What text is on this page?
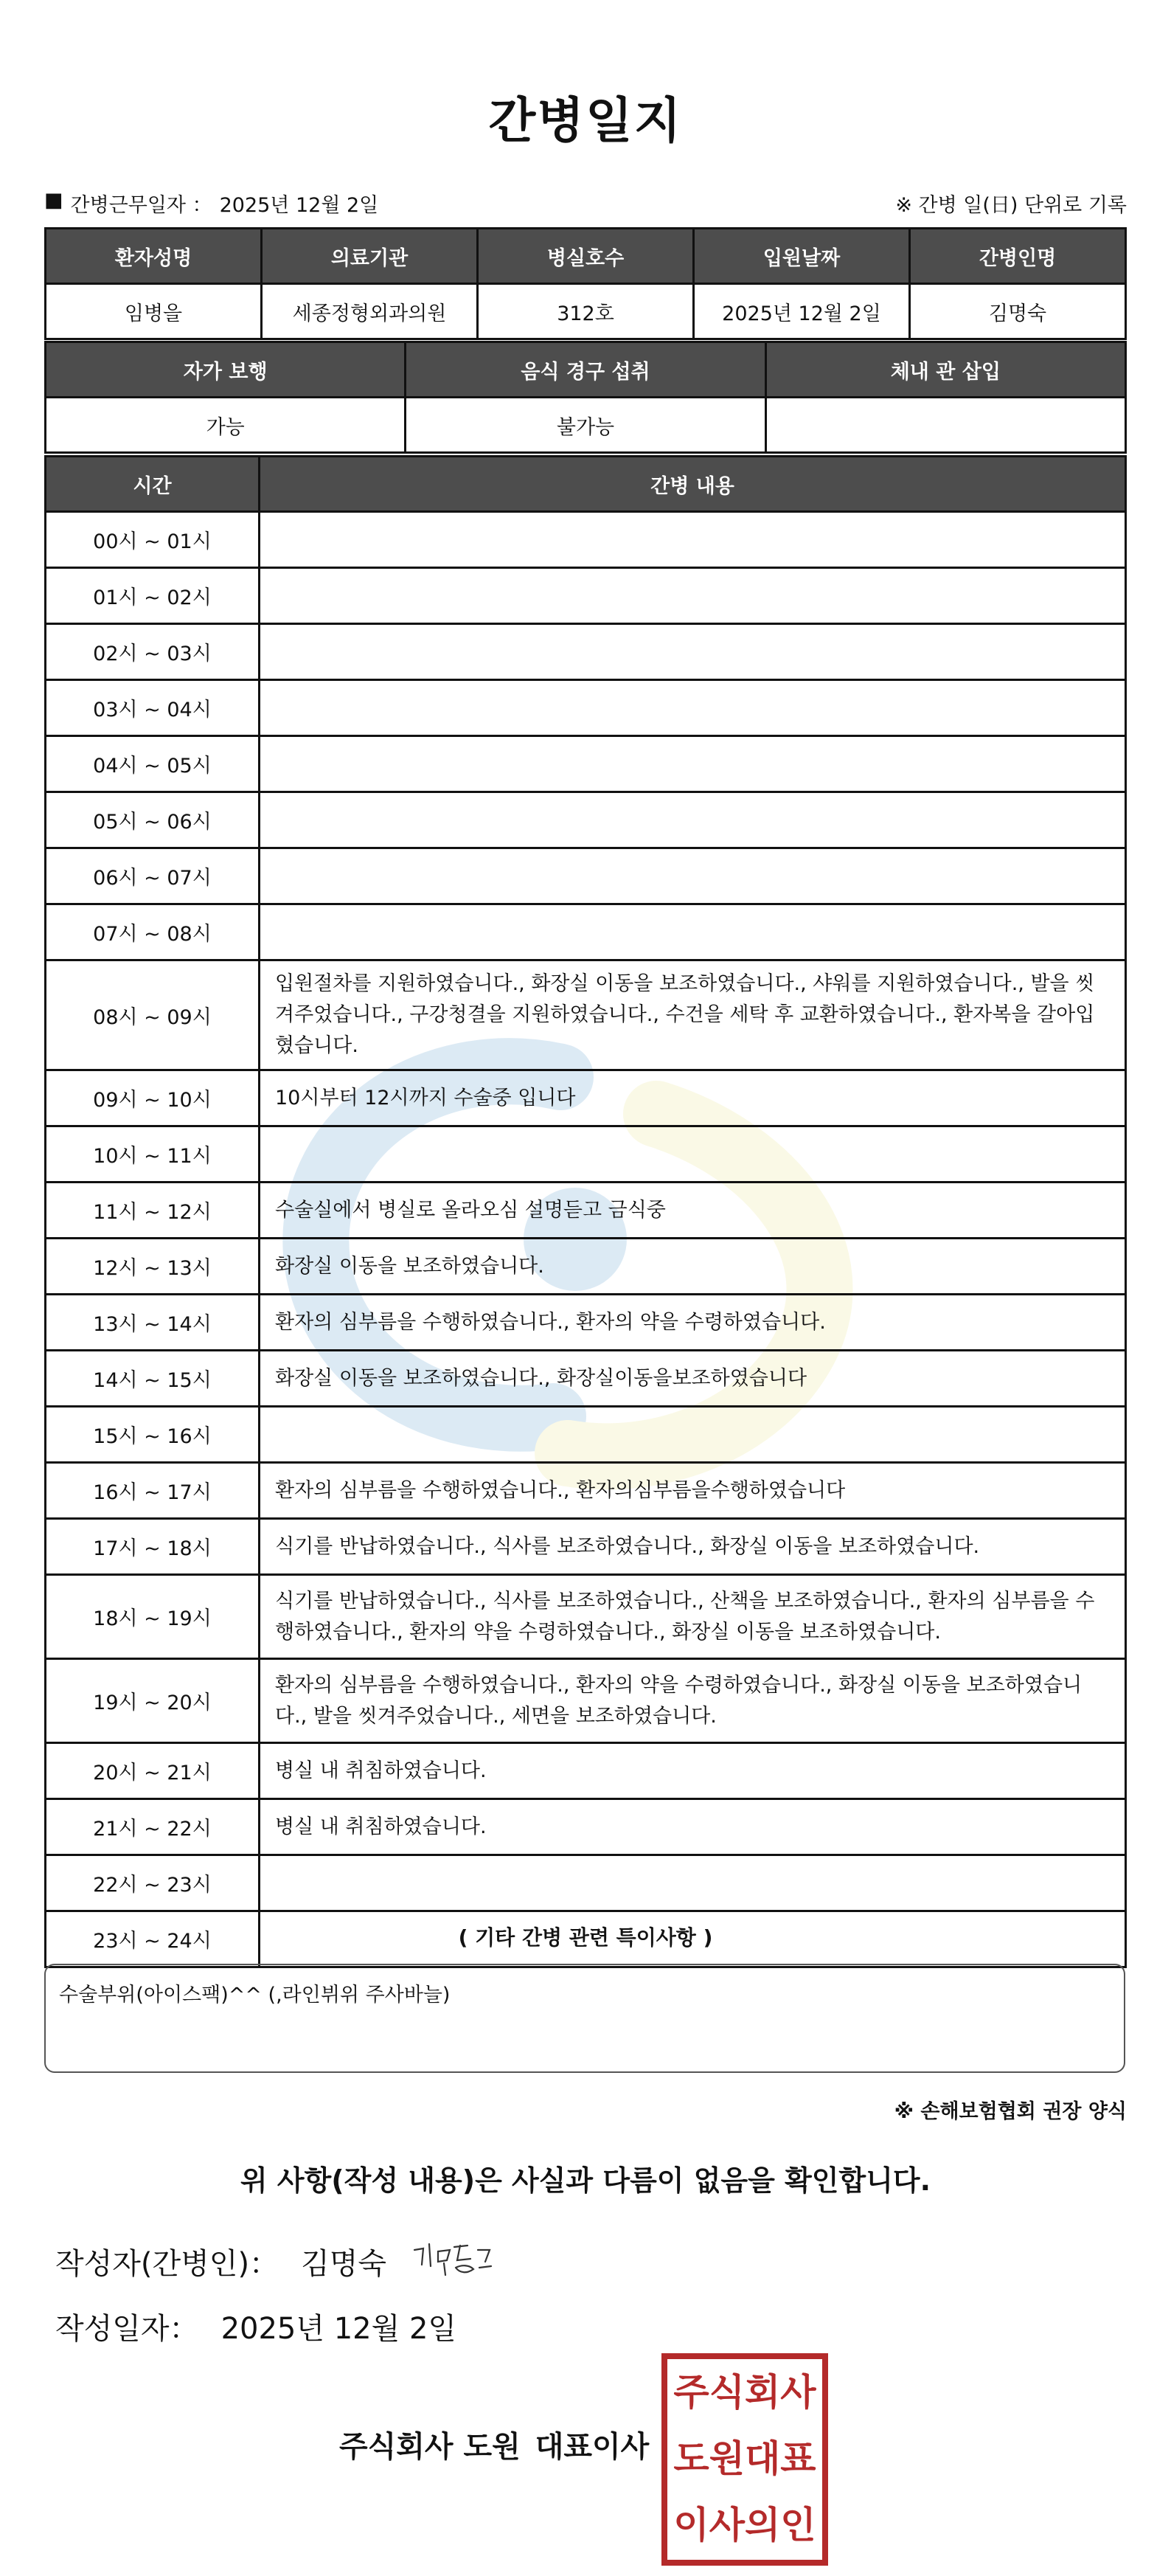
간병일지
■ 간병근무일자 ： 2025년 12월 2일	※ 간병 일(日) 단위로 기록
환자성명	의료기관	병실호수	입원날짜	간병인명
임병을	세종정형외과의원	312호	2025년 12월 2일	김명숙
자가 보행	음식 경구 섭취	체내 관 삽입
가능	불가능	
시간	간병 내용
00시 ~ 01시	
01시 ~ 02시	
02시 ~ 03시	
03시 ~ 04시	
04시 ~ 05시	
05시 ~ 06시	
06시 ~ 07시	
07시 ~ 08시	
08시 ~ 09시	입원절차를 지원하였습니다., 화장실 이동을 보조하였습니다., 샤워를 지원하였습니다., 발을 씻겨주었습니다., 구강청결을 지원하였습니다., 수건을 세탁 후 교환하였습니다., 환자복을 갈아입혔습니다.
09시 ~ 10시	10시부터 12시까지 수술중 입니다
10시 ~ 11시	
11시 ~ 12시	수술실에서 병실로 올라오심 설명듣고 금식중
12시 ~ 13시	화장실 이동을 보조하였습니다.
13시 ~ 14시	환자의 심부름을 수행하였습니다., 환자의 약을 수령하였습니다.
14시 ~ 15시	화장실 이동을 보조하였습니다., 화장실이동을보조하였습니다
15시 ~ 16시	
16시 ~ 17시	환자의 심부름을 수행하였습니다., 환자의심부름을수행하였습니다
17시 ~ 18시	식기를 반납하였습니다., 식사를 보조하였습니다., 화장실 이동을 보조하였습니다.
18시 ~ 19시	식기를 반납하였습니다., 식사를 보조하였습니다., 산책을 보조하였습니다., 환자의 심부름을 수행하였습니다., 환자의 약을 수령하였습니다., 화장실 이동을 보조하였습니다.
19시 ~ 20시	환자의 심부름을 수행하였습니다., 환자의 약을 수령하였습니다., 화장실 이동을 보조하였습니다., 발을 씻겨주었습니다., 세면을 보조하였습니다.
20시 ~ 21시	병실 내 취침하였습니다.
21시 ~ 22시	병실 내 취침하였습니다.
22시 ~ 23시	
23시 ~ 24시		( 기타 간병 관련 특이사항 )
수술부위(아이스팩)^^ (,라인뷔위 주사바늘)
※ 손해보험협회 권장 양식
위 사항(작성 내용)은 사실과 다름이 없음을 확인합니다.
작성자(간병인)： 김명숙
작성일자： 2025년 12월 2일
주식회사 도원 대표이사
주식회사
도원대표
이사의인
